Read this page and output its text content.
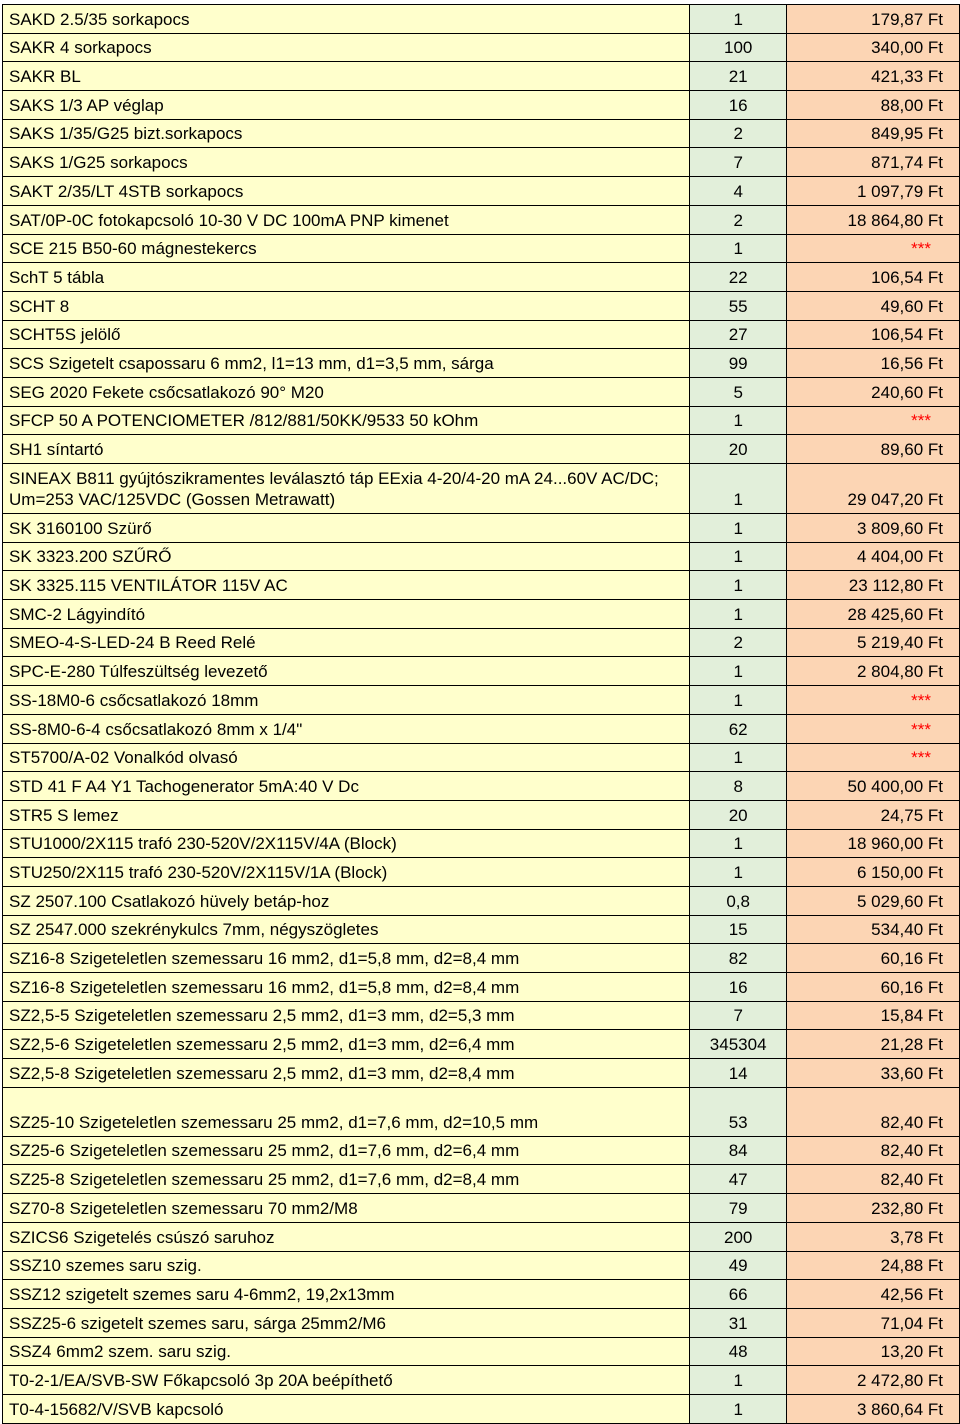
SAKD 2.5/35 sorkapocs	1	179,87 Ft
SAKR 4 sorkapocs	100	340,00 Ft
SAKR BL	21	421,33 Ft
SAKS 1/3 AP véglap	16	88,00 Ft
SAKS 1/35/G25 bizt.sorkapocs	2	849,95 Ft
SAKS 1/G25 sorkapocs	7	871,74 Ft
SAKT 2/35/LT 4STB sorkapocs	4	1 097,79 Ft
SAT/0P-0C fotokapcsoló 10-30 V DC 100mA PNP kimenet	2	18 864,80 Ft
SCE 215 B50-60 mágnestekercs	1	***
SchT 5 tábla	22	106,54 Ft
SCHT 8	55	49,60 Ft
SCHT5S jelölő	27	106,54 Ft
SCS Szigetelt csapossaru 6 mm2, l1=13 mm, d1=3,5 mm, sárga	99	16,56 Ft
SEG 2020 Fekete csőcsatlakozó 90° M20	5	240,60 Ft
SFCP 50 A POTENCIOMETER /812/881/50KK/9533 50 kOhm	1	***
SH1 síntartó	20	89,60 Ft
SINEAX B811 gyújtószikramentes leválasztó táp EExia 4-20/4-20 mA 24...60V AC/DC; Um=253 VAC/125VDC (Gossen Metrawatt)	1	29 047,20 Ft
SK 3160100 Szürő	1	3 809,60 Ft
SK 3323.200 SZŰRŐ	1	4 404,00 Ft
SK 3325.115 VENTILÁTOR 115V AC	1	23 112,80 Ft
SMC-2 Lágyindító	1	28 425,60 Ft
SMEO-4-S-LED-24 B Reed Relé	2	5 219,40 Ft
SPC-E-280 Túlfeszültség levezető	1	2 804,80 Ft
SS-18M0-6 csőcsatlakozó 18mm	1	***
SS-8M0-6-4 csőcsatlakozó 8mm x 1/4"	62	***
ST5700/A-02 Vonalkód olvasó	1	***
STD 41 F A4 Y1 Tachogenerator 5mA:40 V Dc	8	50 400,00 Ft
STR5 S lemez	20	24,75 Ft
STU1000/2X115 trafó 230-520V/2X115V/4A (Block)	1	18 960,00 Ft
STU250/2X115 trafó 230-520V/2X115V/1A (Block)	1	6 150,00 Ft
SZ 2507.100 Csatlakozó hüvely betáp-hoz	0,8	5 029,60 Ft
SZ 2547.000 szekrénykulcs 7mm, négyszögletes	15	534,40 Ft
SZ16-8 Szigeteletlen szemessaru 16 mm2, d1=5,8 mm, d2=8,4 mm	82	60,16 Ft
SZ16-8 Szigeteletlen szemessaru 16 mm2, d1=5,8 mm, d2=8,4 mm	16	60,16 Ft
SZ2,5-5 Szigeteletlen szemessaru 2,5 mm2, d1=3 mm, d2=5,3 mm	7	15,84 Ft
SZ2,5-6 Szigeteletlen szemessaru 2,5 mm2, d1=3 mm, d2=6,4 mm	345304	21,28 Ft
SZ2,5-8 Szigeteletlen szemessaru 2,5 mm2, d1=3 mm, d2=8,4 mm	14	33,60 Ft
SZ25-10 Szigeteletlen szemessaru 25 mm2, d1=7,6 mm, d2=10,5 mm	53	82,40 Ft
SZ25-6 Szigeteletlen szemessaru 25 mm2, d1=7,6 mm, d2=6,4 mm	84	82,40 Ft
SZ25-8 Szigeteletlen szemessaru 25 mm2, d1=7,6 mm, d2=8,4 mm	47	82,40 Ft
SZ70-8 Szigeteletlen szemessaru 70 mm2/M8	79	232,80 Ft
SZICS6 Szigetelés csúszó saruhoz	200	3,78 Ft
SSZ10 szemes saru szig.	49	24,88 Ft
SSZ12 szigetelt szemes saru 4-6mm2, 19,2x13mm	66	42,56 Ft
SSZ25-6 szigetelt szemes saru, sárga 25mm2/M6	31	71,04 Ft
SSZ4 6mm2 szem. saru szig.	48	13,20 Ft
T0-2-1/EA/SVB-SW Főkapcsoló 3p 20A beépíthető	1	2 472,80 Ft
T0-4-15682/V/SVB kapcsoló	1	3 860,64 Ft
